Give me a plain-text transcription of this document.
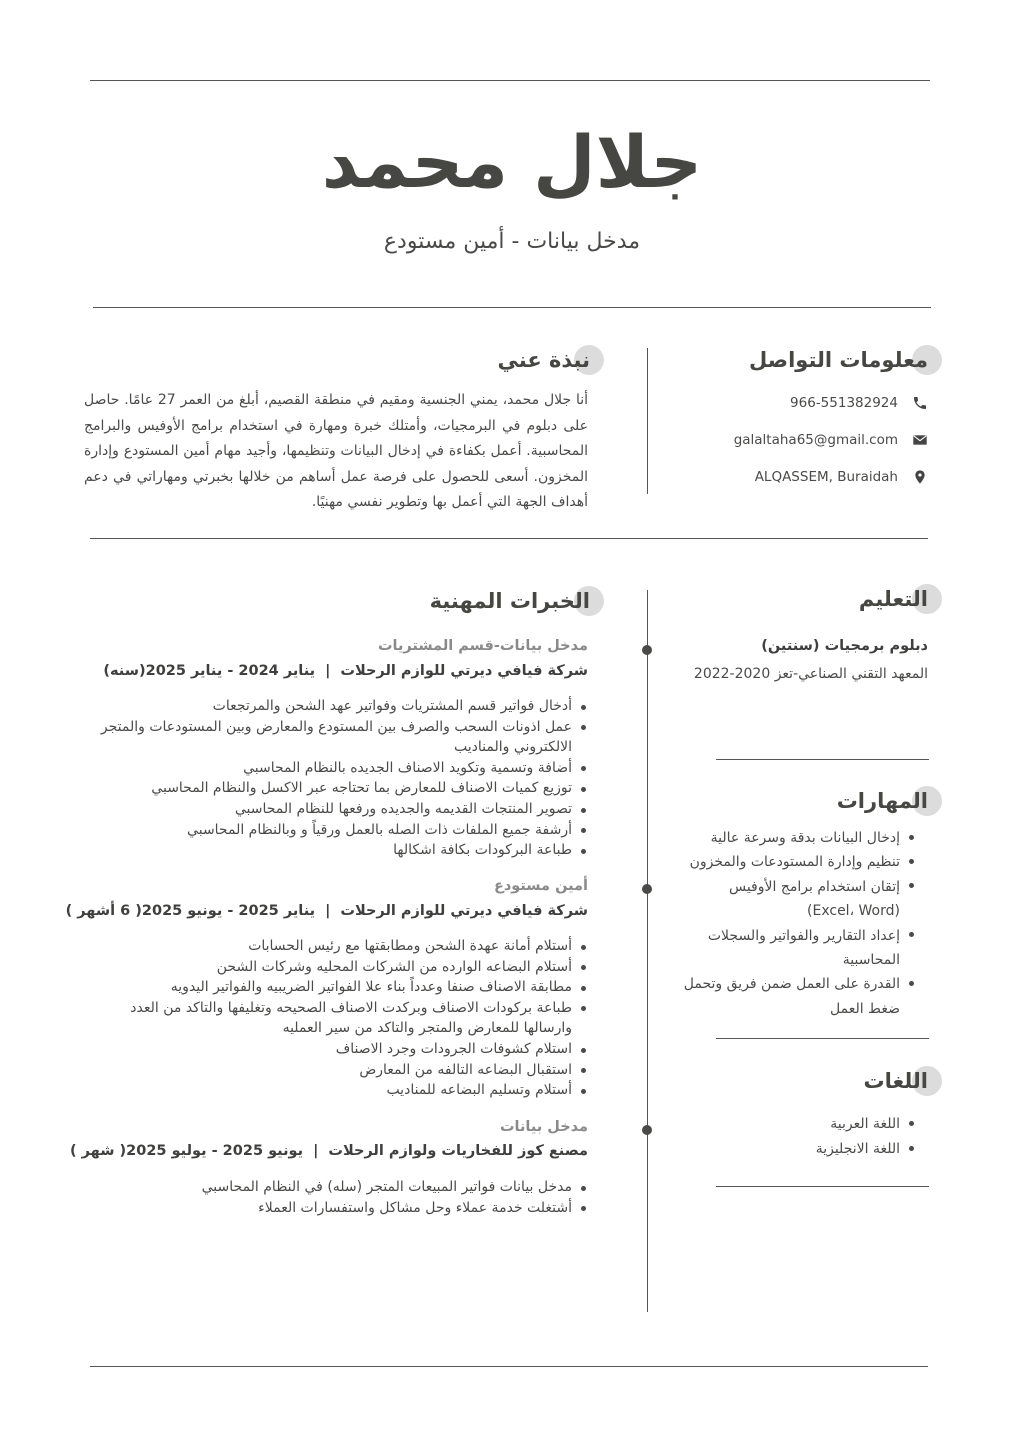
جلال محمد
مدخل بيانات - أمين مستودع
نبذة عني
أنا جلال محمد، يمني الجنسية ومقيم في منطقة القصيم، أبلغ من العمر 27 عامًا. حاصل على دبلوم في البرمجيات، وأمتلك خبرة ومهارة في استخدام برامج الأوفيس والبرامج المحاسبية. أعمل بكفاءة في إدخال البيانات وتنظيمها، وأجيد مهام أمين المستودع وإدارة المخزون. أسعى للحصول على فرصة عمل أساهم من خلالها بخبرتي ومهاراتي في دعم أهداف الجهة التي أعمل بها وتطوير نفسي مهنيًا.
معلومات التواصل
966-551382924
galaltaha65@gmail.com
ALQASSEM, Buraidah
التعليم
دبلوم برمجيات (سنتين)
المعهد التقني الصناعي-تعز 2020-2022
المهارات
إدخال البيانات بدقة وسرعة عالية
تنظيم وإدارة المستودعات والمخزون
إتقان استخدام برامج الأوفيس (Excel، Word)
إعداد التقارير والفواتير والسجلات المحاسبية
القدرة على العمل ضمن فريق وتحمل ضغط العمل
اللغات
اللغة العربية
اللغة الانجليزية
الخبرات المهنية
مدخل بيانات-قسم المشتريات
شركة فيافي ديرتي للوازم الرحلات|يناير 2024 - يناير 2025(سنه)
أدخال فواتير قسم المشتريات وفواتير عهد الشحن والمرتجعات
عمل اذونات السحب والصرف بين المستودع والمعارض وبين المستودعات والمتجر الالكتروني والمناديب
أضافة وتسمية وتكويد الاصناف الجديده بالنظام المحاسبي
توزيع كميات الاصناف للمعارض بما تحتاجه عبر الاكسل والنظام المحاسبي
تصوير المنتجات القديمه والجديده ورفعها للنظام المحاسبي
أرشفة جميع الملفات ذات الصله بالعمل ورقياً و وبالنظام المحاسبي
طباعة البركودات بكافة اشكالها
أمين مستودع
شركة فيافي ديرتي للوازم الرحلات|يناير 2025 - يونيو 2025( 6 أشهر )
أستلام أمانة عهدة الشحن ومطابقتها مع رئيس الحسابات
أستلام البضاعه الوارده من الشركات المحليه وشركات الشحن
مطابقة الاصناف صنفا وعدداً بناء علا الفواتير الضريبيه والفواتير اليدويه
طباعة بركودات الاصناف وبركدت الاصناف الصحيحه وتغليفها والتاكد من العدد وارسالها للمعارض والمتجر والتاكد من سير العمليه
استلام كشوفات الجرودات وجرد الاصناف
استقبال البضاعه التالفه من المعارض
أستلام وتسليم البضاعه للمناديب
مدخل بيانات
مصنع كوز للفخاريات ولوازم الرحلات|يونيو 2025 - يوليو 2025( شهر )
مدخل بيانات فواتير المبيعات المتجر (سله) في النظام المحاسبي
أشتغلت خدمة عملاء وحل مشاكل واستفسارات العملاء
